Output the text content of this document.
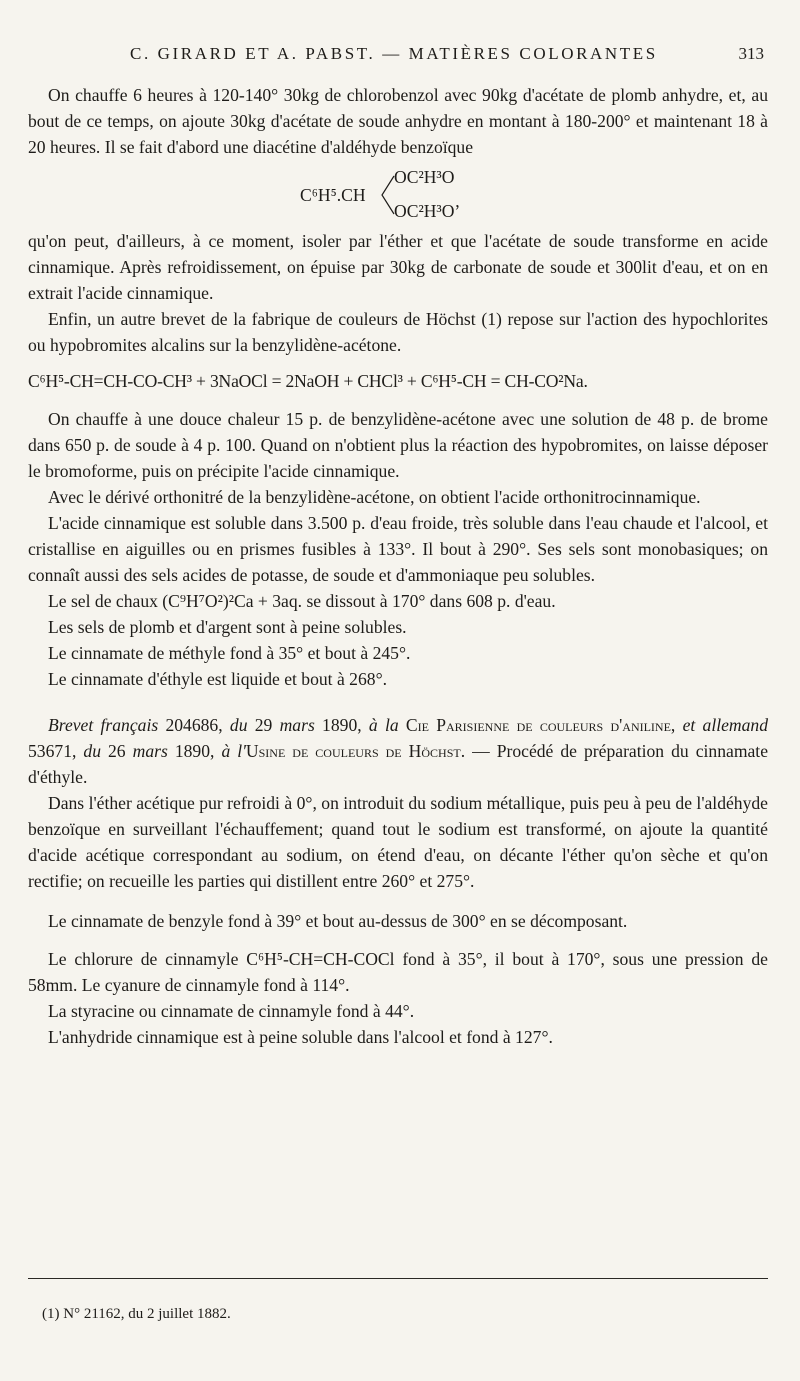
C. GIRARD ET A. PABST. — MATIÈRES COLORANTES	313

On chauffe 6 heures à 120-140° 30kg de chlorobenzol avec 90kg d'acétate de plomb anhydre, et, au bout de ce temps, on ajoute 30kg d'acétate de soude anhydre en montant à 180-200° et maintenant 18 à 20 heures. Il se fait d'abord une diacétine d'aldéhyde benzoïque

C⁶H⁵.CH
OC²H³O
OC²H³O’

qu'on peut, d'ailleurs, à ce moment, isoler par l'éther et que l'acétate de soude transforme en acide cinnamique. Après refroidissement, on épuise par 30kg de carbonate de soude et 300lit d'eau, et on en extrait l'acide cinnamique.

Enfin, un autre brevet de la fabrique de couleurs de Höchst (1) repose sur l'action des hypochlorites ou hypobromites alcalins sur la benzylidène-acétone.

C⁶H⁵-CH=CH-CO-CH³ + 3NaOCl = 2NaOH + CHCl³ + C⁶H⁵-CH = CH-CO²Na.

On chauffe à une douce chaleur 15 p. de benzylidène-acétone avec une solution de 48 p. de brome dans 650 p. de soude à 4 p. 100. Quand on n'obtient plus la réaction des hypobromites, on laisse déposer le bromoforme, puis on précipite l'acide cinnamique.

Avec le dérivé orthonitré de la benzylidène-acétone, on obtient l'acide orthonitrocinnamique.

L'acide cinnamique est soluble dans 3.500 p. d'eau froide, très soluble dans l'eau chaude et l'alcool, et cristallise en aiguilles ou en prismes fusibles à 133°. Il bout à 290°. Ses sels sont monobasiques; on connaît aussi des sels acides de potasse, de soude et d'ammoniaque peu solubles.

Le sel de chaux (C⁹H⁷O²)²Ca + 3aq. se dissout à 170° dans 608 p. d'eau.

Les sels de plomb et d'argent sont à peine solubles.

Le cinnamate de méthyle fond à 35° et bout à 245°.

Le cinnamate d'éthyle est liquide et bout à 268°.

Brevet français 204686, du 29 mars 1890, à la Cie Parisienne de couleurs d'aniline, et allemand 53671, du 26 mars 1890, à l'Usine de couleurs de Höchst. — Procédé de préparation du cinnamate d'éthyle.

Dans l'éther acétique pur refroidi à 0°, on introduit du sodium métallique, puis peu à peu de l'aldéhyde benzoïque en surveillant l'échauffement; quand tout le sodium est transformé, on ajoute la quantité d'acide acétique correspondant au sodium, on étend d'eau, on décante l'éther qu'on sèche et qu'on rectifie; on recueille les parties qui distillent entre 260° et 275°.

Le cinnamate de benzyle fond à 39° et bout au-dessus de 300° en se décomposant.

Le chlorure de cinnamyle C⁶H⁵-CH=CH-COCl fond à 35°, il bout à 170°, sous une pression de 58mm. Le cyanure de cinnamyle fond à 114°.

La styracine ou cinnamate de cinnamyle fond à 44°.

L'anhydride cinnamique est à peine soluble dans l'alcool et fond à 127°.

(1) N° 21162, du 2 juillet 1882.
